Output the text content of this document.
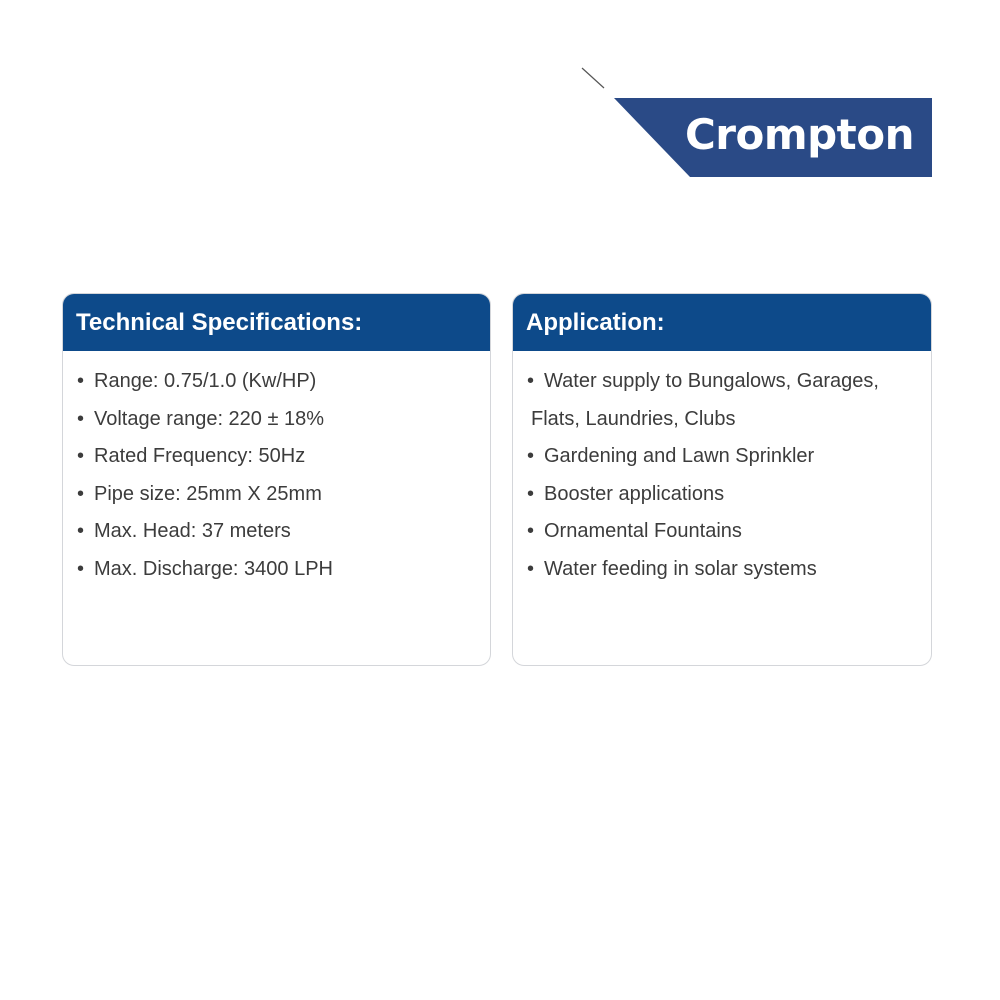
Crompton
Technical Specifications:
• Range: 0.75/1.0 (Kw/HP)
• Voltage range: 220 ± 18%
• Rated Frequency: 50Hz
• Pipe size: 25mm X 25mm
• Max. Head: 37 meters
• Max. Discharge: 3400 LPH
Application:
• Water supply to Bungalows, Garages,
Flats, Laundries, Clubs
• Gardening and Lawn Sprinkler
• Booster applications
• Ornamental Fountains
• Water feeding in solar systems
